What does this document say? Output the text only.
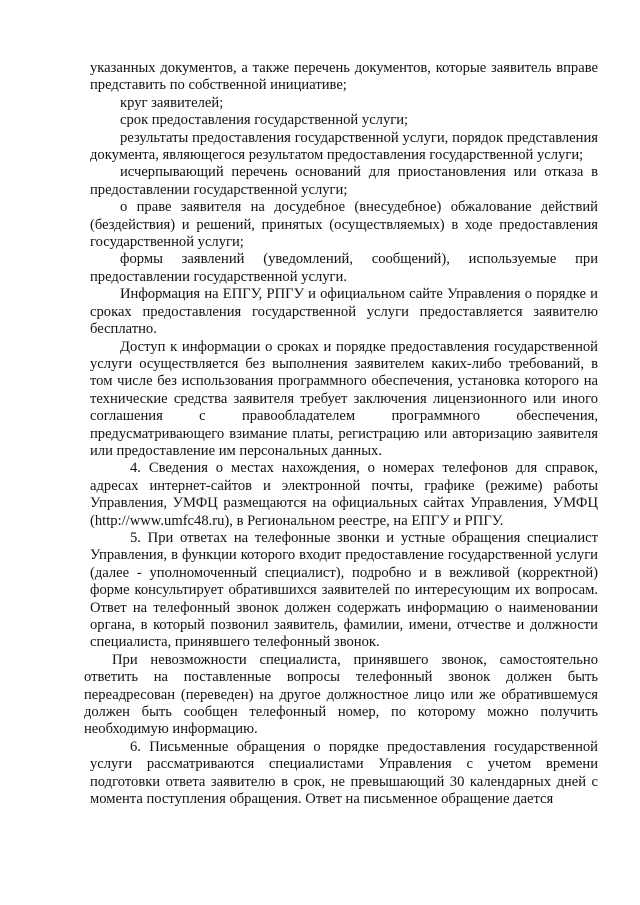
указанных документов, а также перечень документов, которые заявитель вправе представить по собственной инициативе;

круг заявителей;

срок предоставления государственной услуги;

результаты предоставления государственной услуги, порядок представления документа, являющегося результатом предоставления государственной услуги;

исчерпывающий перечень оснований для приостановления или отказа в предоставлении государственной услуги;

о праве заявителя на досудебное (внесудебное) обжалование действий (бездействия) и решений, принятых (осуществляемых) в ходе предоставления государственной услуги;

формы заявлений (уведомлений, сообщений), используемые при предоставлении государственной услуги.

Информация на ЕПГУ, РПГУ и официальном сайте Управления о порядке и сроках предоставления государственной услуги предоставляется заявителю бесплатно.

Доступ к информации о сроках и порядке предоставления государственной услуги осуществляется без выполнения заявителем каких-либо требований, в том числе без использования программного обеспечения, установка которого на технические средства заявителя требует заключения лицензионного или иного соглашения с правообладателем программного обеспечения, предусматривающего взимание платы, регистрацию или авторизацию заявителя или предоставление им персональных данных.

4. Сведения о местах нахождения, о номерах телефонов для справок, адресах интернет-сайтов и электронной почты, графике (режиме) работы Управления, УМФЦ размещаются на официальных сайтах Управления, УМФЦ (http://www.umfc48.ru), в Региональном реестре, на ЕПГУ и РПГУ.

5. При ответах на телефонные звонки и устные обращения специалист Управления, в функции которого входит предоставление государственной услуги (далее - уполномоченный специалист), подробно и в вежливой (корректной) форме консультирует обратившихся заявителей по интересующим их вопросам. Ответ на телефонный звонок должен содержать информацию о наименовании органа, в который позвонил заявитель, фамилии, имени, отчестве и должности специалиста, принявшего телефонный звонок.

При невозможности специалиста, принявшего звонок, самостоятельно ответить на поставленные вопросы телефонный звонок должен быть переадресован (переведен) на другое должностное лицо или же обратившемуся должен быть сообщен телефонный номер, по которому можно получить необходимую информацию.

6. Письменные обращения о порядке предоставления государственной услуги рассматриваются специалистами Управления с учетом времени подготовки ответа заявителю в срок, не превышающий 30 календарных дней с момента поступления обращения. Ответ на письменное обращение дается
